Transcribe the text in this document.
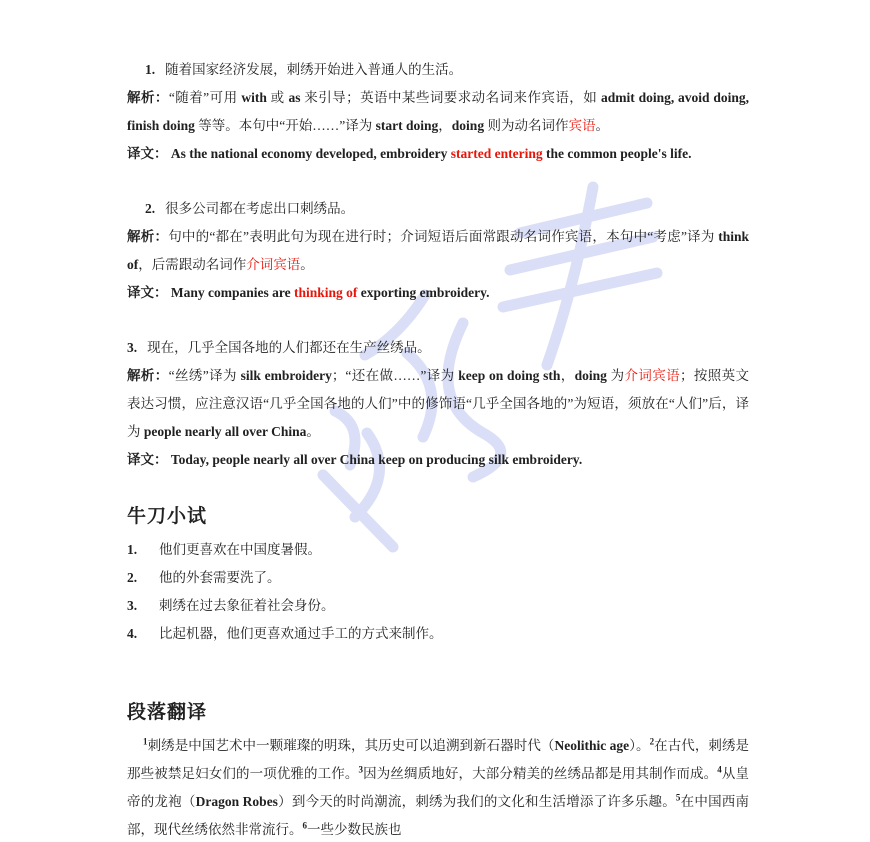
1. 随着国家经济发展，刺绣开始进入普通人的生活。

解析：“随着”可用 with 或 as 来引导；英语中某些词要求动名词来作宾语，如 admit doing, avoid doing, finish doing 等等。本句中“开始……”译为 start doing，doing 则为动名词作宾语。

译文： As the national economy developed, embroidery started entering the common people's life.

2. 很多公司都在考虑出口刺绣品。

解析：句中的“都在”表明此句为现在进行时；介词短语后面常跟动名词作宾语，本句中“考虑”译为 think of，后需跟动名词作介词宾语。

译文： Many companies are thinking of exporting embroidery.

3. 现在，几乎全国各地的人们都还在生产丝绣品。

解析：“丝绣”译为 silk embroidery；“还在做……”译为 keep on doing sth，doing 为介词宾语；按照英文表达习惯，应注意汉语“几乎全国各地的人们”中的修饰语“几乎全国各地的”为短语，须放在“人们”后，译为 people nearly all over China。

译文： Today, people nearly all over China keep on producing silk embroidery.

牛刀小试
1. 他们更喜欢在中国度暑假。
2. 他的外套需要洗了。
3. 刺绣在过去象征着社会身份。
4. 比起机器，他们更喜欢通过手工的方式来制作。
段落翻译

$^1$刺绣是中国艺术中一颗璀璨的明珠，其历史可以追溯到新石器时代（Neolithic age）。$^2$在古代，刺绣是那些被禁足妇女们的一项优雅的工作。$^3$因为丝绸质地好，大部分精美的丝绣品都是用其制作而成。$^4$从皇帝的龙袍（Dragon Robes）到今天的时尚潮流，刺绣为我们的文化和生活增添了许多乐趣。$^5$在中国西南部，现代丝绣依然非常流行。$^6$一些少数民族也
